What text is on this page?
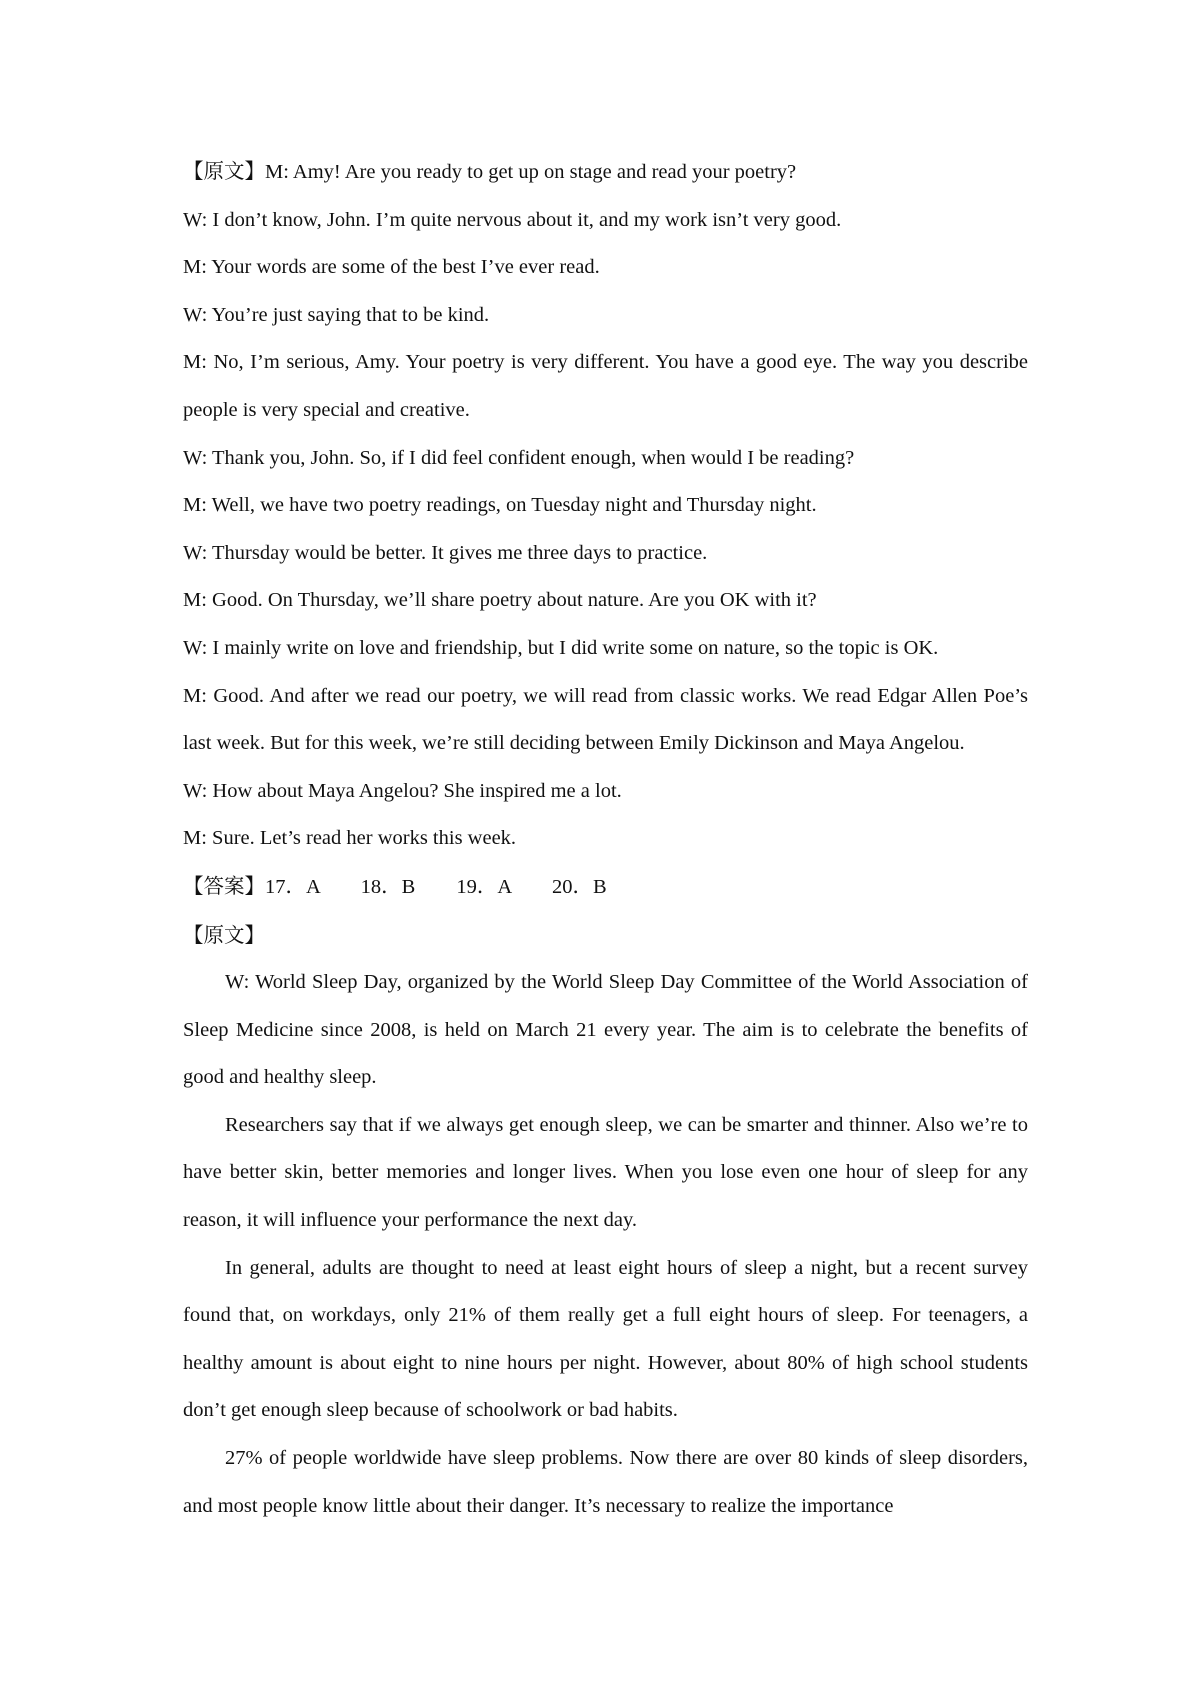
【原文】M: Amy! Are you ready to get up on stage and read your poetry?
W: I don’t know, John. I’m quite nervous about it, and my work isn’t very good.
M: Your words are some of the best I’ve ever read.
W: You’re just saying that to be kind.
M: No, I’m serious, Amy. Your poetry is very different. You have a good eye. The way you describe people is very special and creative.
W: Thank you, John. So, if I did feel confident enough, when would I be reading?
M: Well, we have two poetry readings, on Tuesday night and Thursday night.
W: Thursday would be better. It gives me three days to practice.
M: Good. On Thursday, we’ll share poetry about nature. Are you OK with it?
W: I mainly write on love and friendship, but I did write some on nature, so the topic is OK.
M: Good. And after we read our poetry, we will read from classic works. We read Edgar Allen Poe’s last week. But for this week, we’re still deciding between Emily Dickinson and Maya Angelou.
W: How about Maya Angelou? She inspired me a lot.
M: Sure. Let’s read her works this week.
【答案】17．A　　18．B　　19．A　　20．B
【原文】
W: World Sleep Day, organized by the World Sleep Day Committee of the World Association of Sleep Medicine since 2008, is held on March 21 every year. The aim is to celebrate the benefits of good and healthy sleep.
Researchers say that if we always get enough sleep, we can be smarter and thinner. Also we’re to have better skin, better memories and longer lives. When you lose even one hour of sleep for any reason, it will influence your performance the next day.
In general, adults are thought to need at least eight hours of sleep a night, but a recent survey found that, on workdays, only 21% of them really get a full eight hours of sleep. For teenagers, a healthy amount is about eight to nine hours per night. However, about 80% of high school students don’t get enough sleep because of schoolwork or bad habits.
27% of people worldwide have sleep problems. Now there are over 80 kinds of sleep disorders, and most people know little about their danger. It’s necessary to realize the importance
